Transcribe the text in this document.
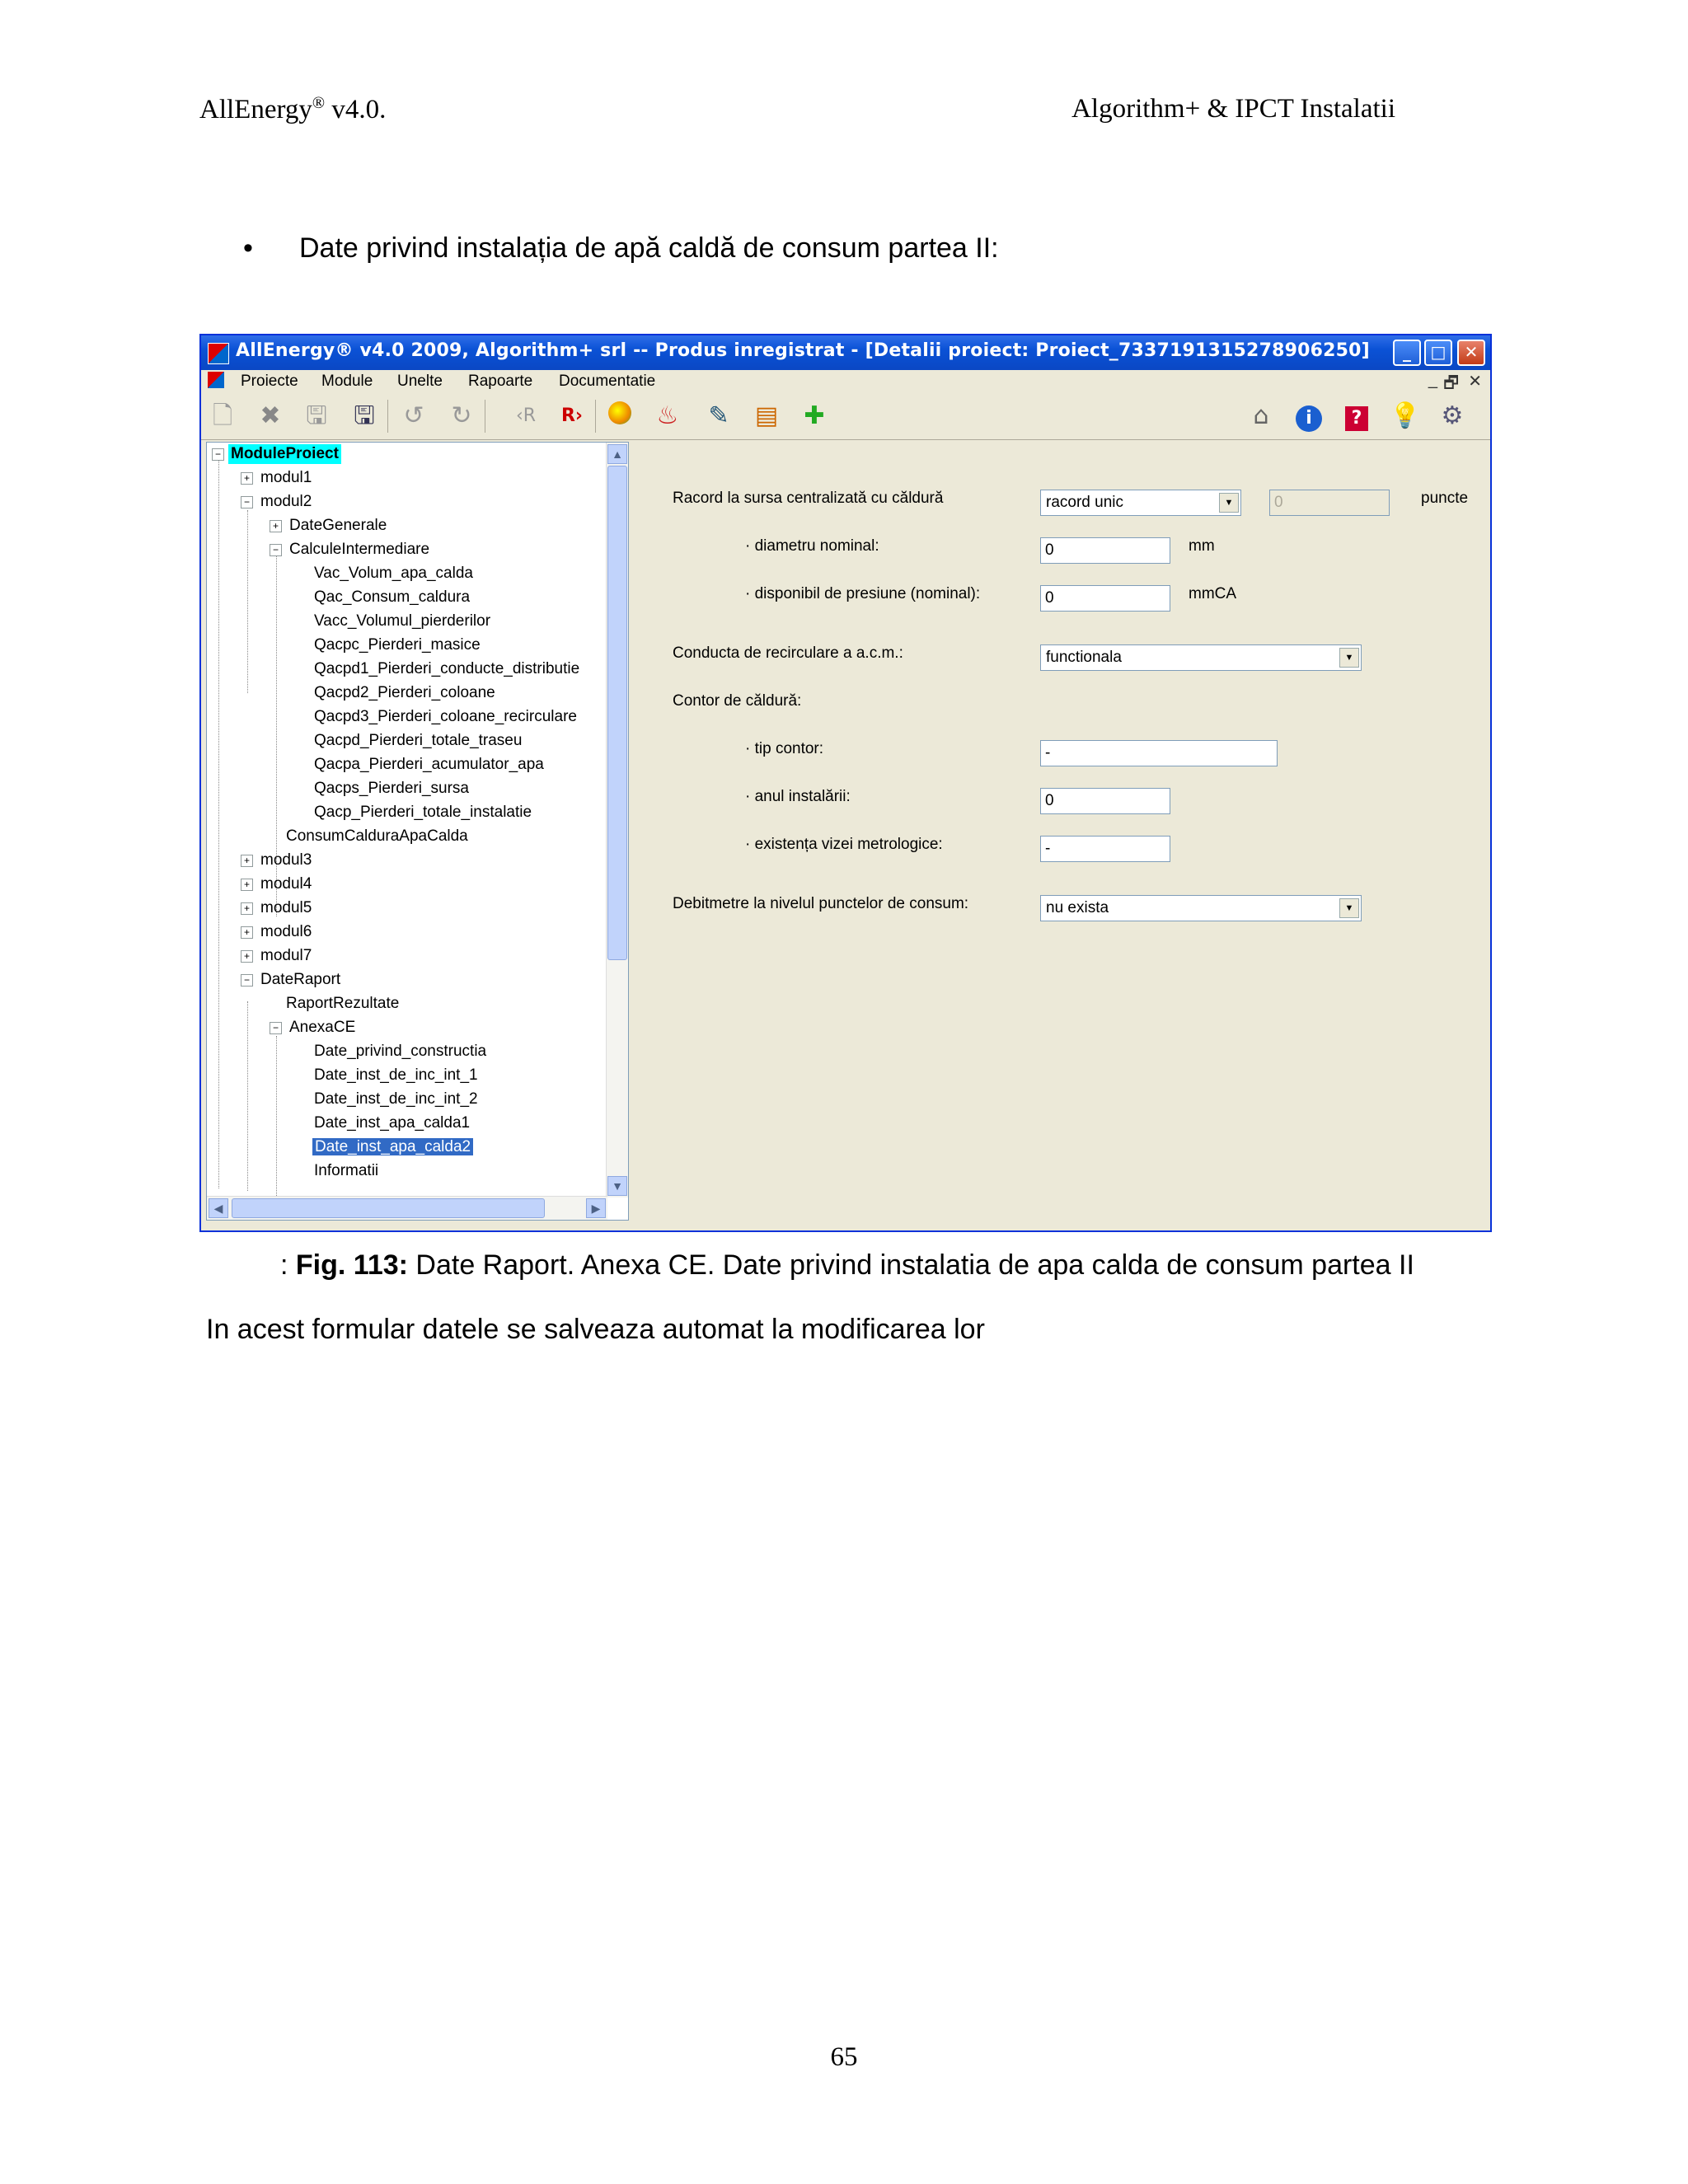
AllEnergy® v4.0.	Algorithm+ & IPCT Instalatii
• Date privind instalația de apă caldă de consum partea II:
AllEnergy® v4.0 2009, Algorithm+ srl -- Produs inregistrat - [Detalii proiect: Proiect_7337191315278906250]	_	□	✕
Proiecte Module Unelte Rapoarte Documentatie	_ 🗗 ✕
🗋 ✖ 🖫 🖫 ↺ ↻ ‹R R›	♨ ✎ ▤ ✚	⌂	i	?	💡 ⚙
− ModuleProiect
+ modul1
− modul2
+ DateGenerale
− CalculeIntermediare
Vac_Volum_apa_calda
Qac_Consum_caldura
Vacc_Volumul_pierderilor
Qacpc_Pierderi_masice
Qacpd1_Pierderi_conducte_distributie
Qacpd2_Pierderi_coloane
Qacpd3_Pierderi_coloane_recirculare
Qacpd_Pierderi_totale_traseu
Qacpa_Pierderi_acumulator_apa
Qacps_Pierderi_sursa
Qacp_Pierderi_totale_instalatie
ConsumCalduraApaCalda
+ modul3
+ modul4
+ modul5
+ modul6
+ modul7
− DateRaport
RaportRezultate
− AnexaCE
Date_privind_constructia
Date_inst_de_inc_int_1
Date_inst_de_inc_int_2
Date_inst_apa_calda1
Date_inst_apa_calda2
Informatii
▲
▼
◀	▶
Racord la sursa centralizată cu căldură	racord unic	▼	0	puncte
· diametru nominal:	0	mm
· disponibil de presiune (nominal):	0	mmCA
Conducta de recirculare a a.c.m.:	functionala	▼
Contor de căldură:
· tip contor:	-
· anul instalării:	0
· existența vizei metrologice:	-
Debitmetre la nivelul punctelor de consum:	nu exista	▼
: Fig. 113: Date Raport. Anexa CE. Date privind instalatia de apa calda de consum partea II
In acest formular datele se salveaza automat la modificarea lor
65
